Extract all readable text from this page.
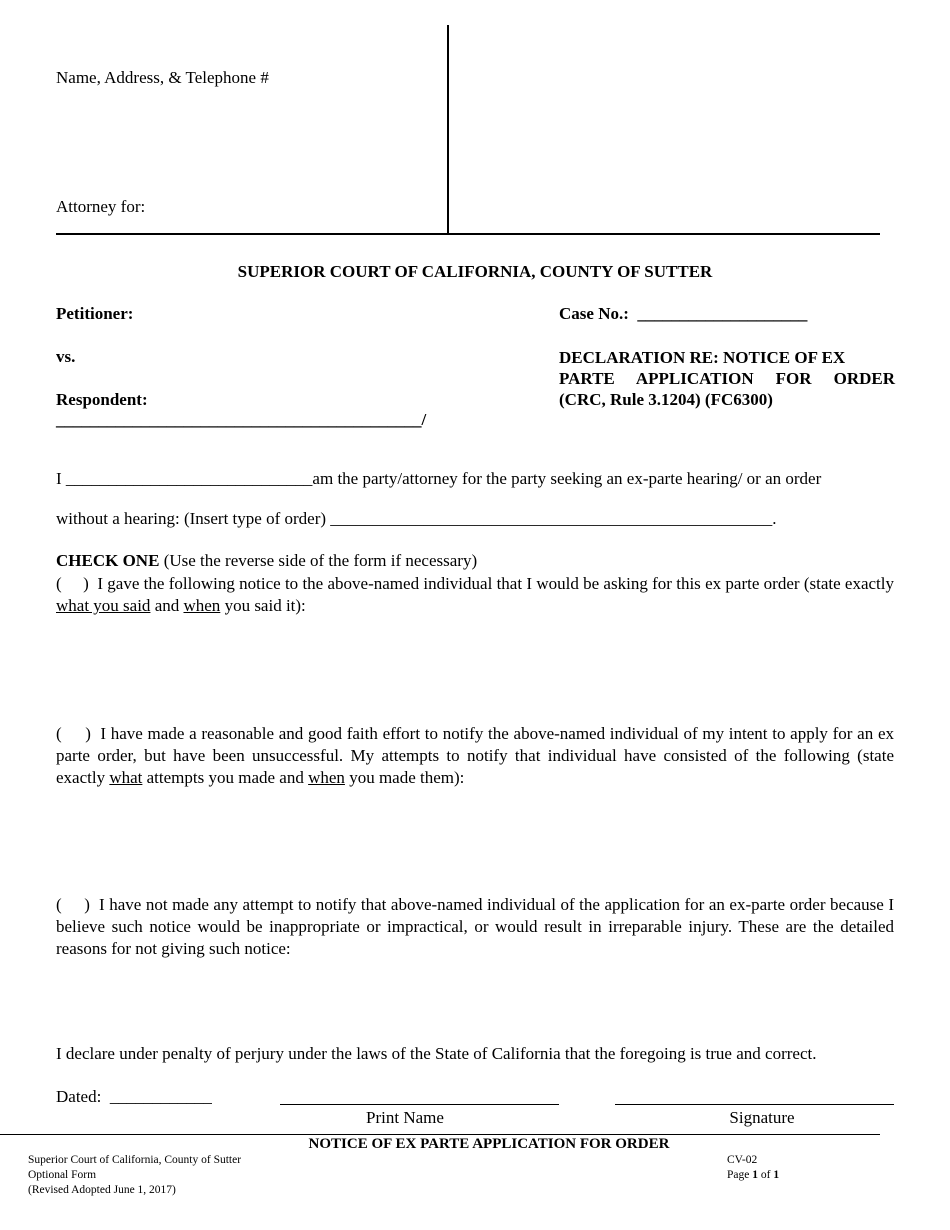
Name, Address, & Telephone #
Attorney for:
SUPERIOR COURT OF CALIFORNIA, COUNTY OF SUTTER
Petitioner:
vs.
Respondent:
___________________________________________/
Case No.: ____________________
DECLARATION RE: NOTICE OF EX
PARTE APPLICATION FOR ORDER
(CRC, Rule 3.1204) (FC6300)
I _____________________________am the party/attorney for the party seeking an ex-parte hearing/ or an order
without a hearing: (Insert type of order) ____________________________________________________.
CHECK ONE (Use the reverse side of the form if necessary)
(     ) I gave the following notice to the above-named individual that I would be asking for this ex parte order (state exactly what you said and when you said it):
(     ) I have made a reasonable and good faith effort to notify the above-named individual of my intent to apply for an ex parte order, but have been unsuccessful. My attempts to notify that individual have consisted of the following (state exactly what attempts you made and when you made them):
(     ) I have not made any attempt to notify that above-named individual of the application for an ex-parte order because I believe such notice would be inappropriate or impractical, or would result in irreparable injury. These are the detailed reasons for not giving such notice:
I declare under penalty of perjury under the laws of the State of California that the foregoing is true and correct.
Dated: ____________
Print Name	Signature
NOTICE OF EX PARTE APPLICATION FOR ORDER
Superior Court of California, County of Sutter
Optional Form
(Revised Adopted June 1, 2017)
CV-02
Page 1 of 1
